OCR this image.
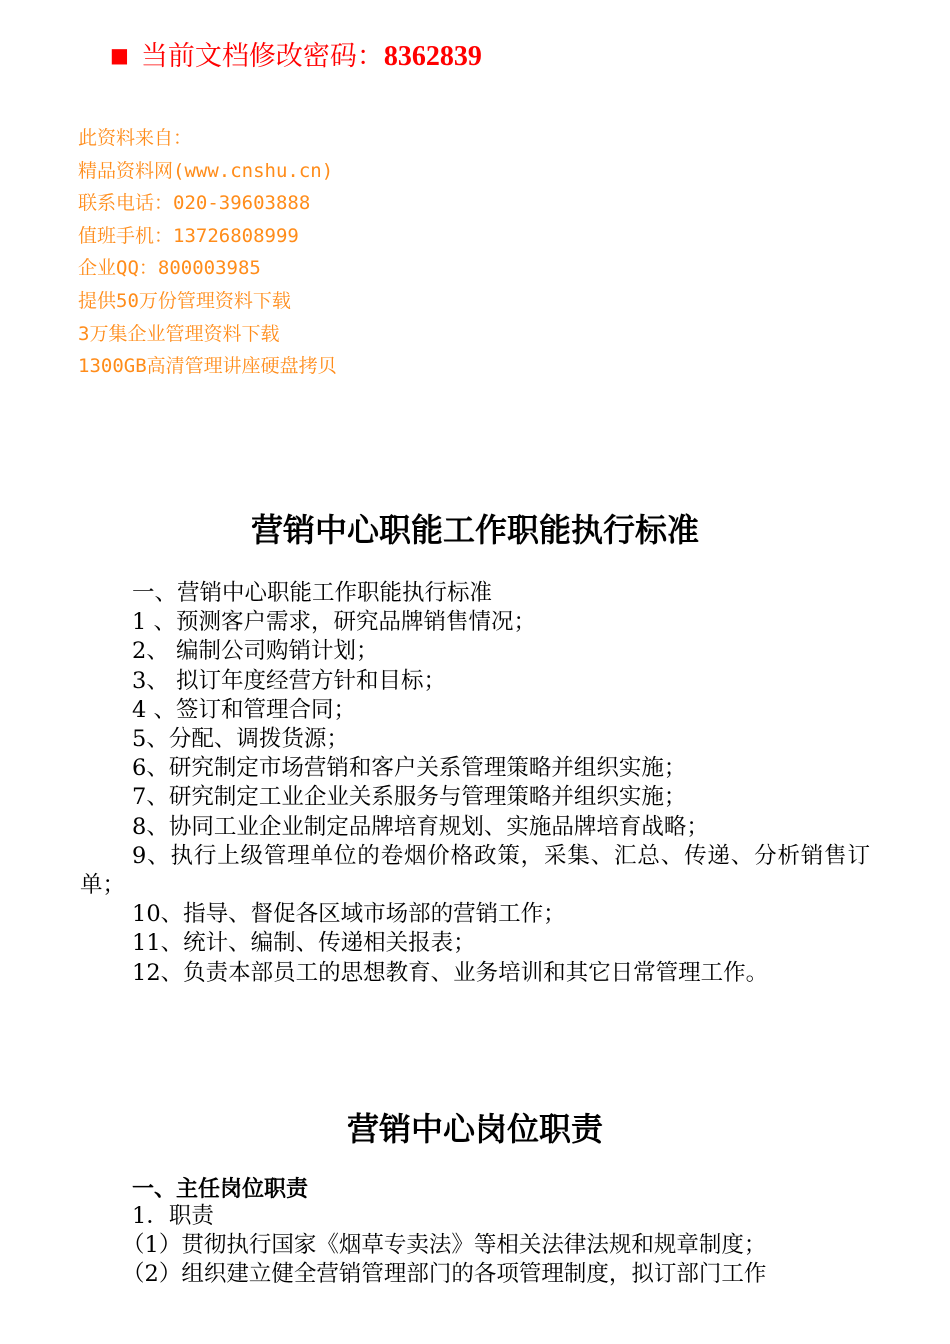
■ 当前文档修改密码：8362839
此资料来自：
精品资料网(www.cnshu.cn)
联系电话：020-39603888
值班手机：13726808999
企业QQ：800003985
提供50万份管理资料下载
3万集企业管理资料下载
1300GB高清管理讲座硬盘拷贝
营销中心职能工作职能执行标准
一、营销中心职能工作职能执行标准
1 、预测客户需求，研究品牌销售情况；
2、 编制公司购销计划；
3、 拟订年度经营方针和目标；
4 、签订和管理合同；
5、分配、调拨货源；
6、研究制定市场营销和客户关系管理策略并组织实施；
7、研究制定工业企业关系服务与管理策略并组织实施；
8、协同工业企业制定品牌培育规划、实施品牌培育战略；
9、执行上级管理单位的卷烟价格政策，采集、汇总、传递、分析销售订单；
10、指导、督促各区域市场部的营销工作；
11、统计、编制、传递相关报表；
12、负责本部员工的思想教育、业务培训和其它日常管理工作。
营销中心岗位职责
一、主任岗位职责
1．职责
（1）贯彻执行国家《烟草专卖法》等相关法律法规和规章制度；
（2）组织建立健全营销管理部门的各项管理制度，拟订部门工作
